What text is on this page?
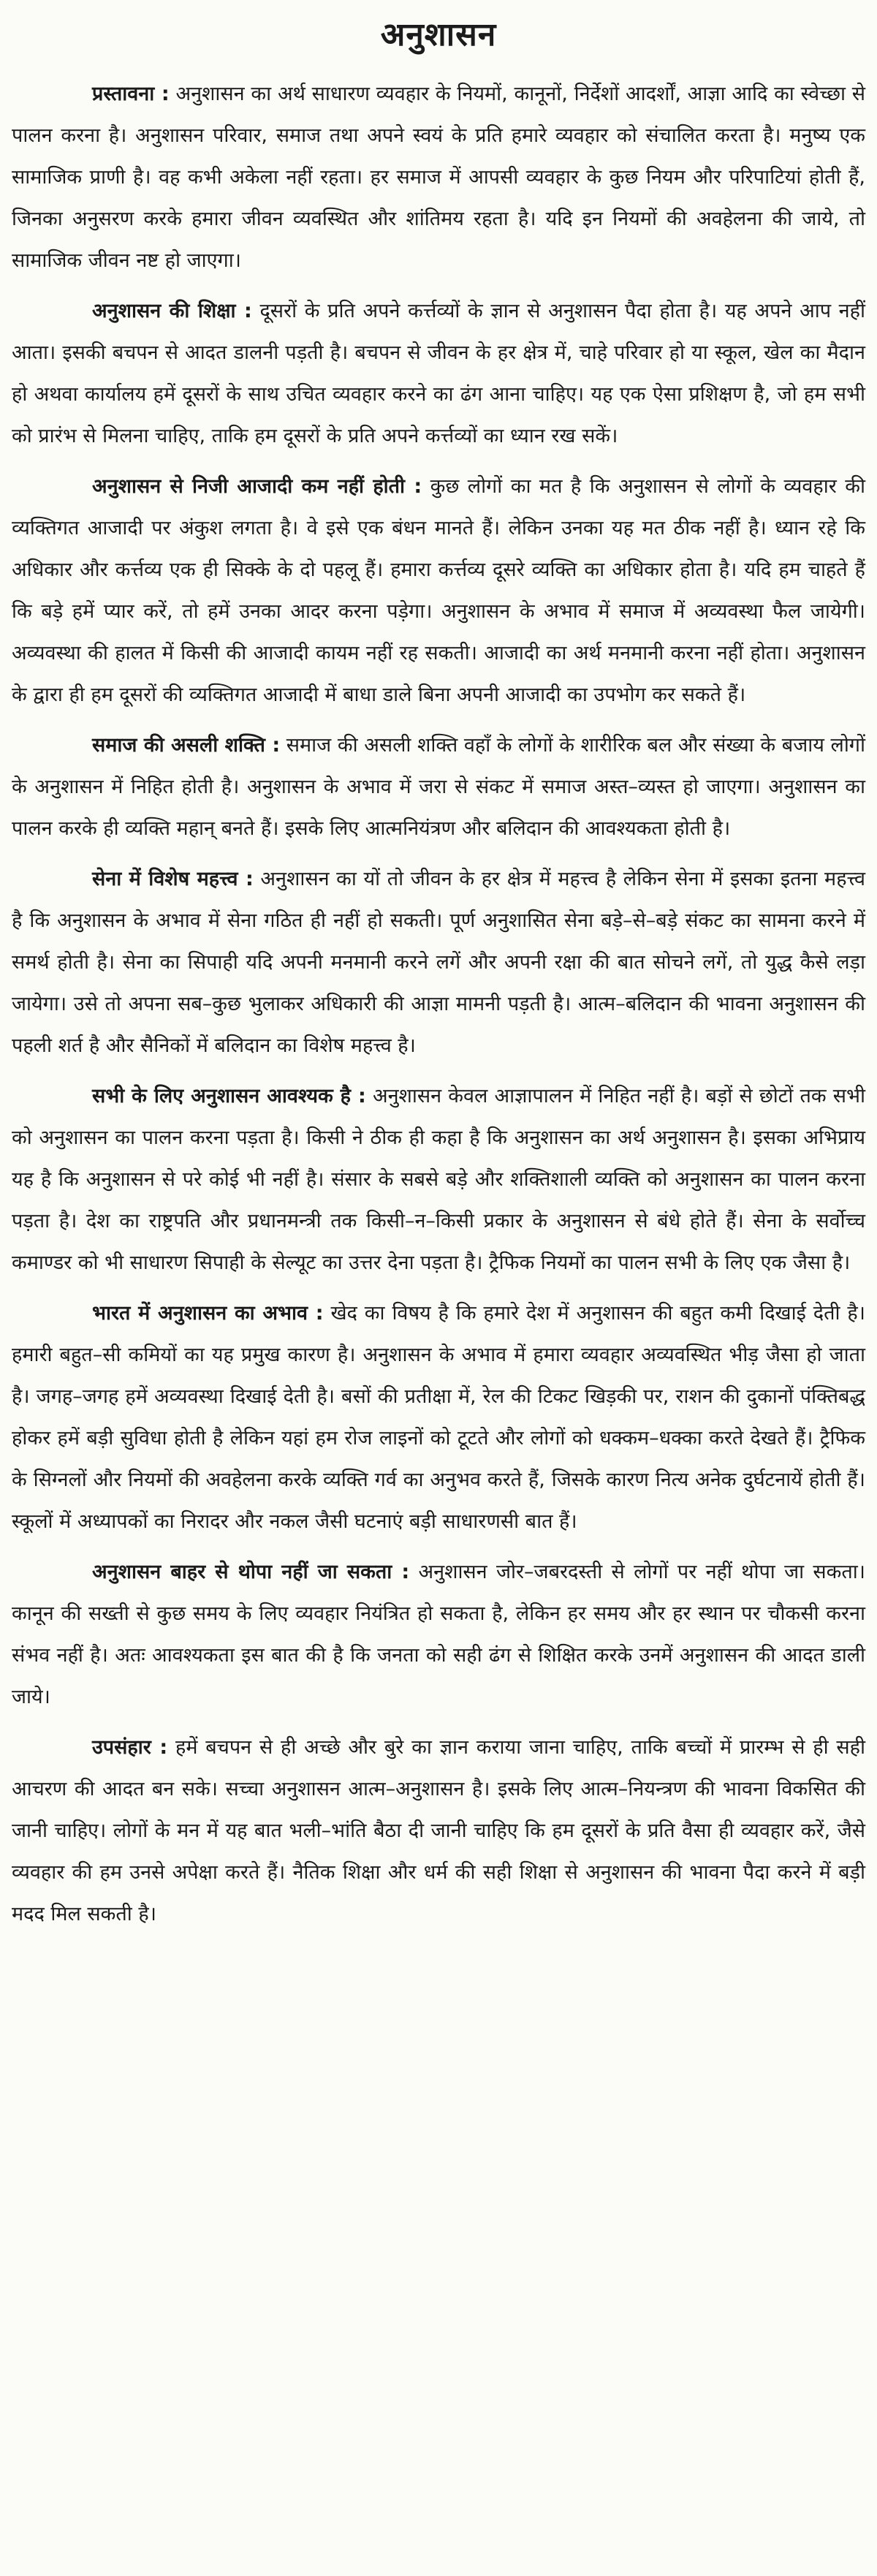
अनुशासन

प्रस्तावना : अनुशासन का अर्थ साधारण व्यवहार के नियमों, कानूनों, निर्देशों आदर्शों, आज्ञा आदि का स्वेच्छा से पालन करना है। अनुशासन परिवार, समाज तथा अपने स्वयं के प्रति हमारे व्यवहार को संचालित करता है। मनुष्य एक सामाजिक प्राणी है। वह कभी अकेला नहीं रहता। हर समाज में आपसी व्यवहार के कुछ नियम और परिपाटियां होती हैं, जिनका अनुसरण करके हमारा जीवन व्यवस्थित और शांतिमय रहता है। यदि इन नियमों की अवहेलना की जाये, तो सामाजिक जीवन नष्ट हो जाएगा।

अनुशासन की शिक्षा : दूसरों के प्रति अपने कर्त्तव्यों के ज्ञान से अनुशासन पैदा होता है। यह अपने आप नहीं आता। इसकी बचपन से आदत डालनी पड़ती है। बचपन से जीवन के हर क्षेत्र में, चाहे परिवार हो या स्कूल, खेल का मैदान हो अथवा कार्यालय हमें दूसरों के साथ उचित व्यवहार करने का ढंग आना चाहिए। यह एक ऐसा प्रशिक्षण है, जो हम सभी को प्रारंभ से मिलना चाहिए, ताकि हम दूसरों के प्रति अपने कर्त्तव्यों का ध्यान रख सकें।

अनुशासन से निजी आजादी कम नहीं होती : कुछ लोगों का मत है कि अनुशासन से लोगों के व्यवहार की व्यक्तिगत आजादी पर अंकुश लगता है। वे इसे एक बंधन मानते हैं। लेकिन उनका यह मत ठीक नहीं है। ध्यान रहे कि अधिकार और कर्त्तव्य एक ही सिक्के के दो पहलू हैं। हमारा कर्त्तव्य दूसरे व्यक्ति का अधिकार होता है। यदि हम चाहते हैं कि बड़े हमें प्यार करें, तो हमें उनका आदर करना पड़ेगा। अनुशासन के अभाव में समाज में अव्यवस्था फैल जायेगी। अव्यवस्था की हालत में किसी की आजादी कायम नहीं रह सकती। आजादी का अर्थ मनमानी करना नहीं होता। अनुशासन के द्वारा ही हम दूसरों की व्यक्तिगत आजादी में बाधा डाले बिना अपनी आजादी का उपभोग कर सकते हैं।

समाज की असली शक्ति : समाज की असली शक्ति वहाँ के लोगों के शारीरिक बल और संख्या के बजाय लोगों के अनुशासन में निहित होती है। अनुशासन के अभाव में जरा से संकट में समाज अस्त–व्यस्त हो जाएगा। अनुशासन का पालन करके ही व्यक्ति महान् बनते हैं। इसके लिए आत्मनियंत्रण और बलिदान की आवश्यकता होती है।

सेना में विशेष महत्त्व : अनुशासन का यों तो जीवन के हर क्षेत्र में महत्त्व है लेकिन सेना में इसका इतना महत्त्व है कि अनुशासन के अभाव में सेना गठित ही नहीं हो सकती। पूर्ण अनुशासित सेना बड़े–से–बड़े संकट का सामना करने में समर्थ होती है। सेना का सिपाही यदि अपनी मनमानी करने लगें और अपनी रक्षा की बात सोचने लगें, तो युद्ध कैसे लड़ा जायेगा। उसे तो अपना सब–कुछ भुलाकर अधिकारी की आज्ञा मामनी पड़ती है। आत्म–बलिदान की भावना अनुशासन की पहली शर्त है और सैनिकों में बलिदान का विशेष महत्त्व है।

सभी के लिए अनुशासन आवश्यक है : अनुशासन केवल आज्ञापालन में निहित नहीं है। बड़ों से छोटों तक सभी को अनुशासन का पालन करना पड़ता है। किसी ने ठीक ही कहा है कि अनुशासन का अर्थ अनुशासन है। इसका अभिप्राय यह है कि अनुशासन से परे कोई भी नहीं है। संसार के सबसे बड़े और शक्तिशाली व्यक्ति को अनुशासन का पालन करना पड़ता है। देश का राष्ट्रपति और प्रधानमन्त्री तक किसी–न–किसी प्रकार के अनुशासन से बंधे होते हैं। सेना के सर्वोच्च कमाण्डर को भी साधारण सिपाही के सेल्यूट का उत्तर देना पड़ता है। ट्रैफिक नियमों का पालन सभी के लिए एक जैसा है।

भारत में अनुशासन का अभाव : खेद का विषय है कि हमारे देश में अनुशासन की बहुत कमी दिखाई देती है। हमारी बहुत–सी कमियों का यह प्रमुख कारण है। अनुशासन के अभाव में हमारा व्यवहार अव्यवस्थित भीड़ जैसा हो जाता है। जगह–जगह हमें अव्यवस्था दिखाई देती है। बसों की प्रतीक्षा में, रेल की टिकट खिड़की पर, राशन की दुकानों पंक्तिबद्ध होकर हमें बड़ी सुविधा होती है लेकिन यहां हम रोज लाइनों को टूटते और लोगों को धक्कम–धक्का करते देखते हैं। ट्रैफिक के सिग्नलों और नियमों की अवहेलना करके व्यक्ति गर्व का अनुभव करते हैं, जिसके कारण नित्य अनेक दुर्घटनायें होती हैं। स्कूलों में अध्यापकों का निरादर और नकल जैसी घटनाएं बड़ी साधारणसी बात हैं।

अनुशासन बाहर से थोपा नहीं जा सकता : अनुशासन जोर–जबरदस्ती से लोगों पर नहीं थोपा जा सकता। कानून की सख्ती से कुछ समय के लिए व्यवहार नियंत्रित हो सकता है, लेकिन हर समय और हर स्थान पर चौकसी करना संभव नहीं है। अतः आवश्यकता इस बात की है कि जनता को सही ढंग से शिक्षित करके उनमें अनुशासन की आदत डाली जाये।

उपसंहार : हमें बचपन से ही अच्छे और बुरे का ज्ञान कराया जाना चाहिए, ताकि बच्चों में प्रारम्भ से ही सही आचरण की आदत बन सके। सच्चा अनुशासन आत्म–अनुशासन है। इसके लिए आत्म–नियन्त्रण की भावना विकसित की जानी चाहिए। लोगों के मन में यह बात भली–भांति बैठा दी जानी चाहिए कि हम दूसरों के प्रति वैसा ही व्यवहार करें, जैसे व्यवहार की हम उनसे अपेक्षा करते हैं। नैतिक शिक्षा और धर्म की सही शिक्षा से अनुशासन की भावना पैदा करने में बड़ी मदद मिल सकती है।
